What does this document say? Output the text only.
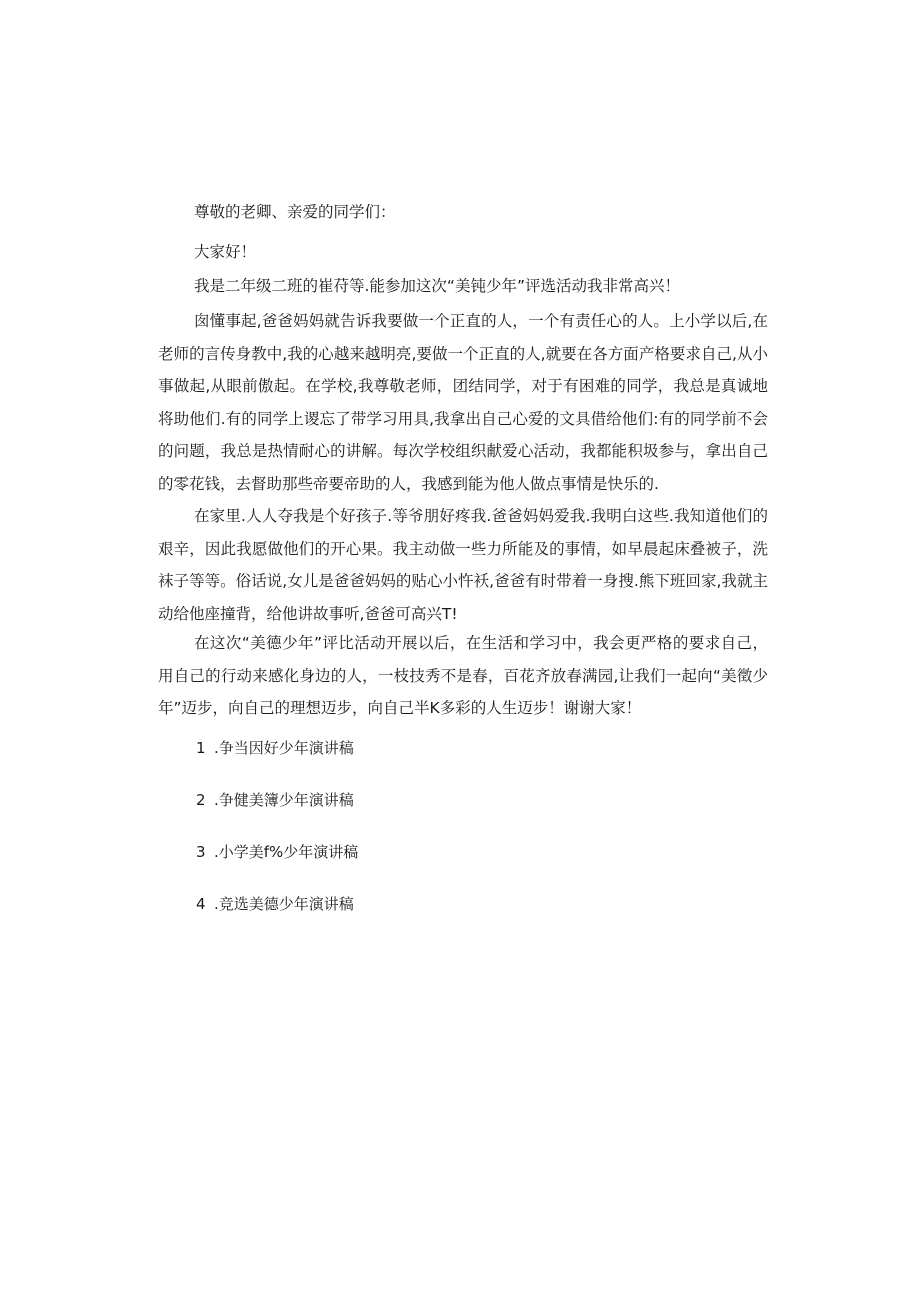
尊敬的老卿、亲爱的同学们：
大家好！
我是二年级二班的崔苻等.能参加这次“美钝少年”评选活动我非常高兴！
囱懂事起,爸爸妈妈就告诉我要做一个正直的人，一个有责任心的人。上小学以后,在老师的言传身教中,我的心越来越明亮,要做一个正直的人,就要在各方面产格要求自己,从小事做起,从眼前傲起。在学校,我尊敬老师，团结同学，对于有困难的同学，我总是真诚地将助他们.有的同学上谡忘了带学习用具,我拿出自己心爱的文具借给他们:有的同学前不会的问题，我总是热情耐心的讲解。每次学校组织献爱心活动，我都能积圾参与，拿出自己的零花钱，去督助那些帝要帝助的人，我感到能为他人做点事情是快乐的.
在家里.人人夺我是个好孩子.等爷朋好疼我.爸爸妈妈爱我.我明白这些.我知道他们的艰辛，因此我愿做他们的开心果。我主动做一些力所能及的事情，如早晨起床叠被子，洗袜子等等。俗话说,女儿是爸爸妈妈的贴心小忤袄,爸爸有时带着一身搜.熊下班回家,我就主动给他座撞背，给他讲故事听,爸爸可高兴T!
在这次“美德少年”评比活动开展以后，在生活和学习中，我会更严格的要求自己，用自己的行动来感化身边的人，一枝技秀不是春，百花齐放春满园,让我们一起向“美徵少年”迈步，向自己的理想迈步，向自己半K多彩的人生迈步！谢谢大家！
1 .争当因好少年演讲稿
2 .争健美簿少年演讲稿
3 .小学美f%少年演讲稿
4 .竞选美德少年演讲稿
